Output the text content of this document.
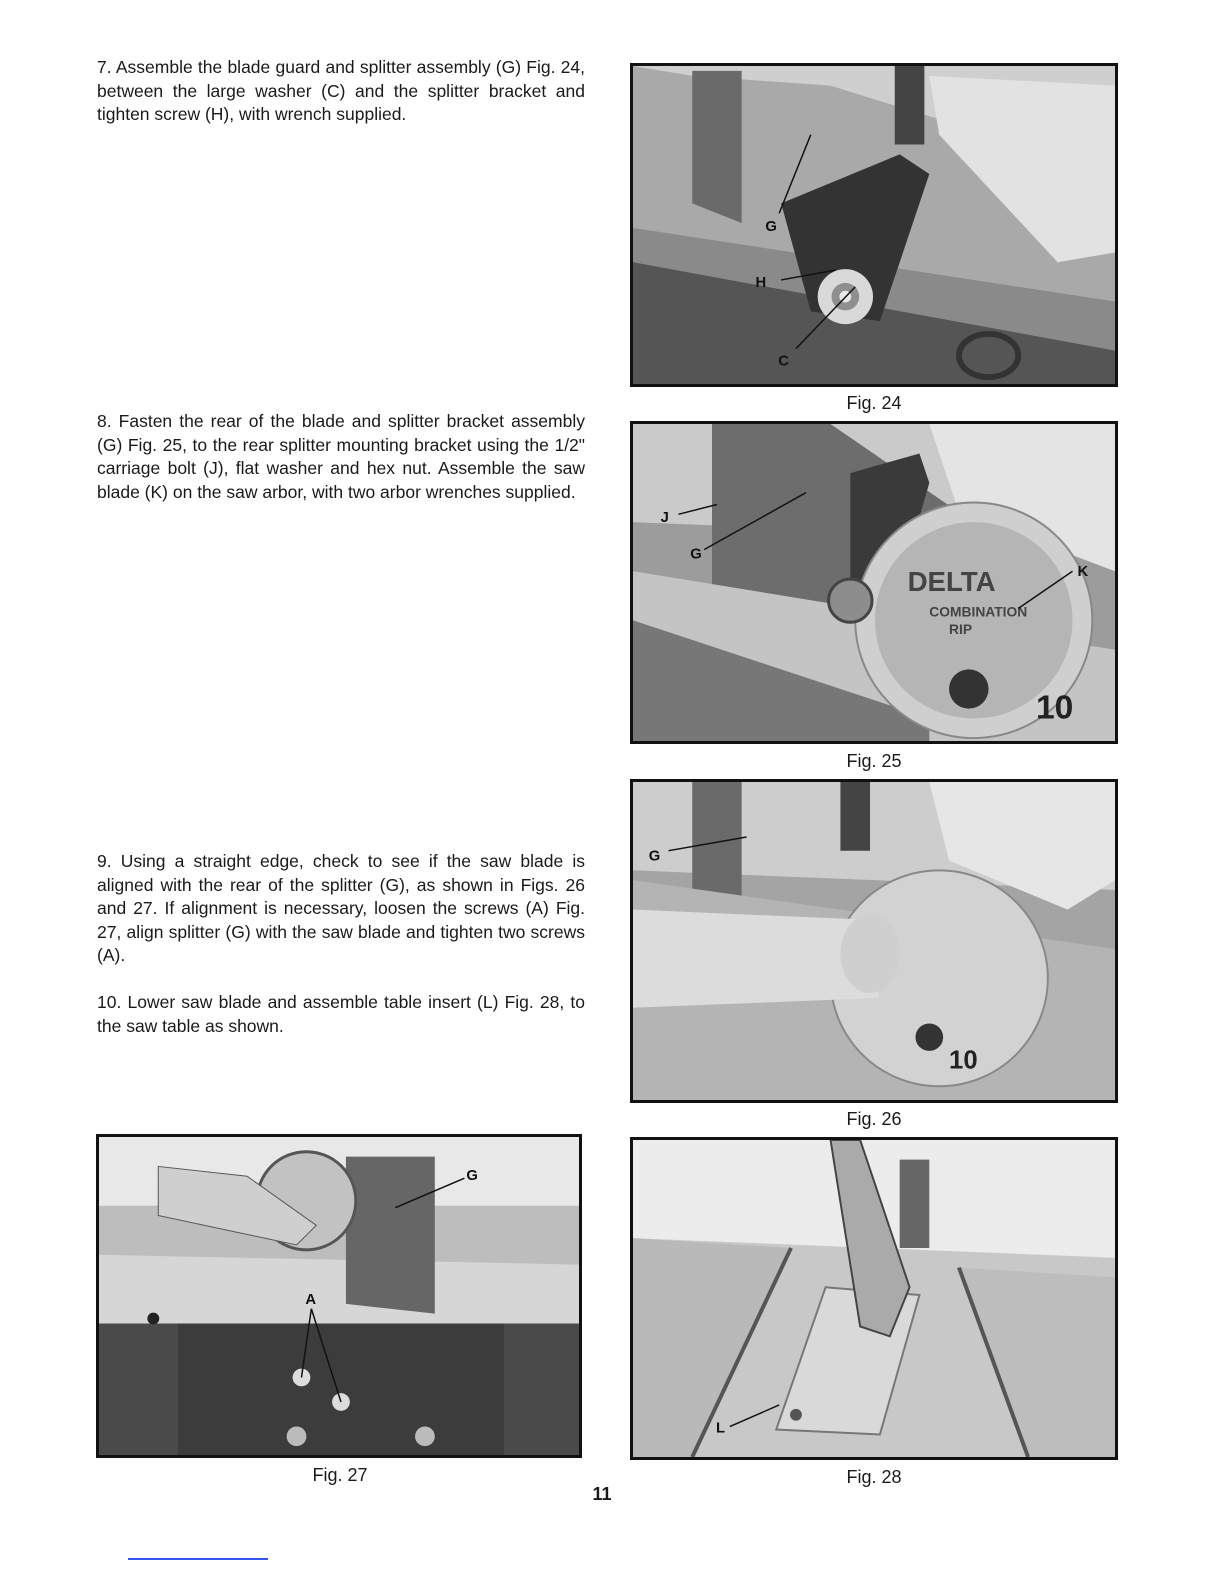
7. Assemble the blade guard and splitter assembly (G) Fig. 24, between the large washer (C) and the splitter bracket and tighten screw (H), with wrench supplied.

8. Fasten the rear of the blade and splitter bracket assembly (G) Fig. 25, to the rear splitter mounting bracket using the 1/2" carriage bolt (J), flat washer and hex nut. Assemble the saw blade (K) on the saw arbor, with two arbor wrenches supplied.

9. Using a straight edge, check to see if the saw blade is aligned with the rear of the splitter (G), as shown in Figs. 26 and 27. If alignment is necessary, loosen the screws (A) Fig. 27, align splitter (G) with the saw blade and tighten two screws (A).

10. Lower saw blade and assemble table insert (L) Fig. 28, to the saw table as shown.

G
H
C
Fig. 24
DELTA
COMBINATION
RIP
10
J
G
K
Fig. 25
10
G
Fig. 26
G
A
Fig. 27
L
Fig. 28
11
